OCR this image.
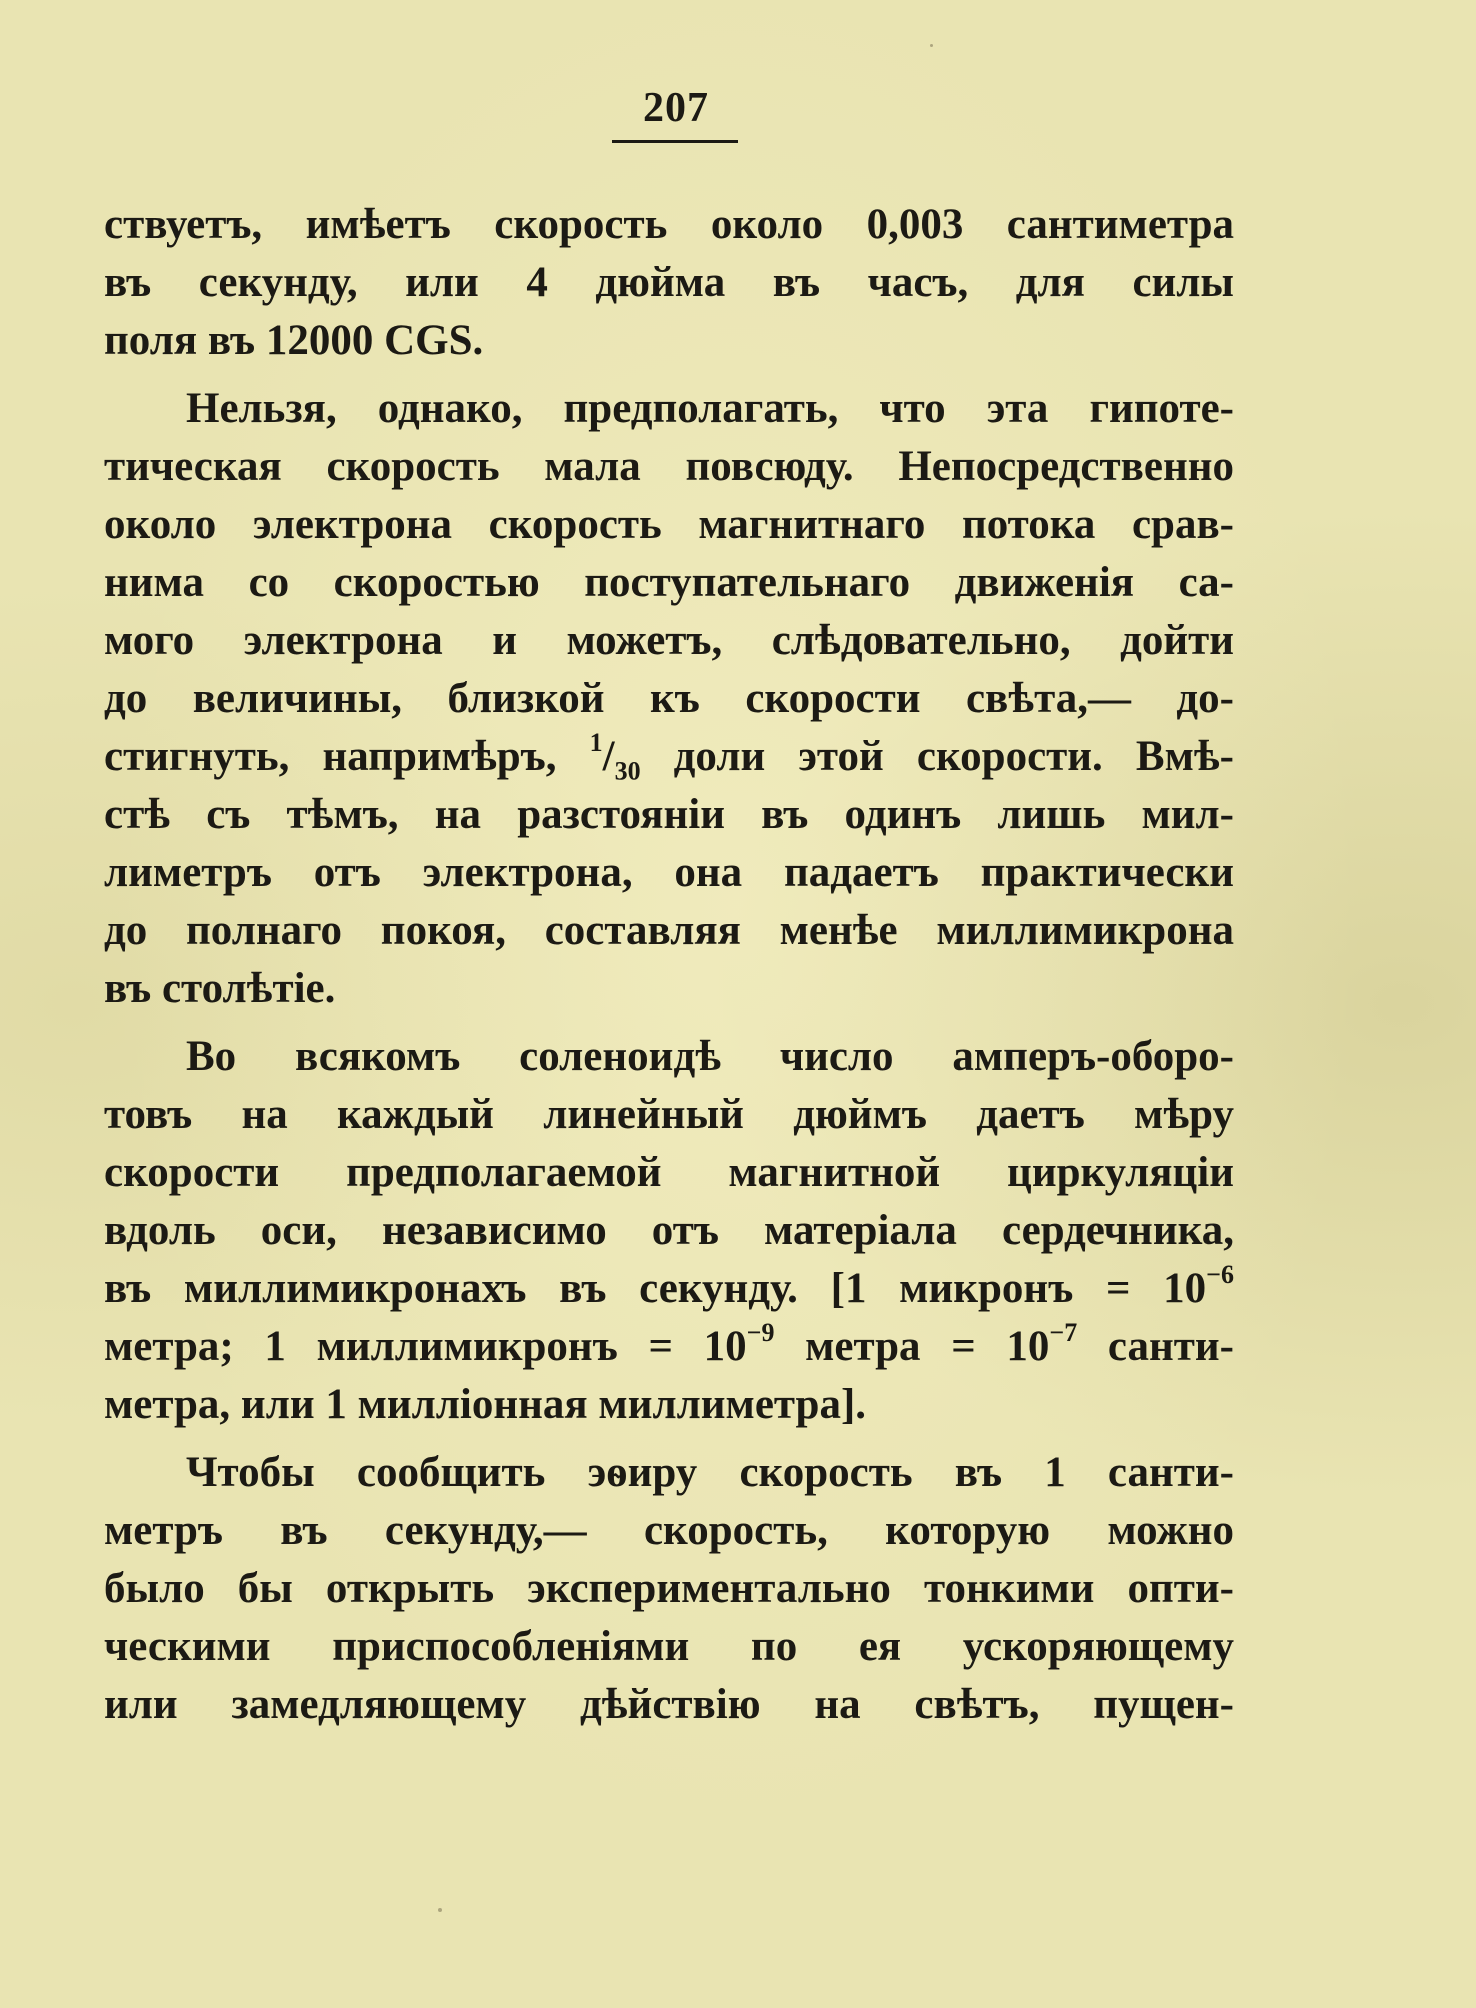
207
ствуетъ, имѣетъ скорость около 0,003 сантиметра
въ секунду, или 4 дюйма въ часъ, для силы
поля въ 12000 CGS.
Нельзя, однако, предполагать, что эта гипоте-
тическая скорость мала повсюду. Непосредственно
около электрона скорость магнитнаго потока срав-
нима со скоростью поступательнаго движенія са-
мого электрона и можетъ, слѣдовательно, дойти
до величины, близкой къ скорости свѣта,— до-
стигнуть, напримѣръ, $^1/_{30}$ доли этой скорости. Вмѣ-
стѣ съ тѣмъ, на разстояніи въ одинъ лишь мил-
лиметръ отъ электрона, она падаетъ практически
до полнаго покоя, составляя менѣе миллимикрона
въ столѣтіе.
Во всякомъ соленоидѣ число амперъ-оборо-
товъ на каждый линейный дюймъ даетъ мѣру
скорости предполагаемой магнитной циркуляціи
вдоль оси, независимо отъ матеріала сердечника,
въ миллимикронахъ въ секунду. [1 микронъ = $10^{-6}$
метра; 1 миллимикронъ = $10^{-9}$ метра = $10^{-7}$ санти-
метра, или 1 милліонная миллиметра].
Чтобы сообщить эѳиру скорость въ 1 санти-
метръ въ секунду,— скорость, которую можно
было бы открыть экспериментально тонкими опти-
ческими приспособленіями по ея ускоряющему
или замедляющему дѣйствію на свѣтъ, пущен-
